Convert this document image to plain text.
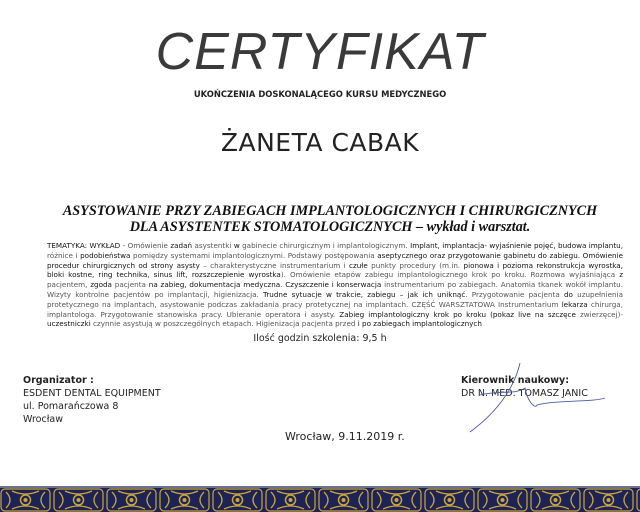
CERTYFIKAT
UKOŃCZENIA DOSKONALĄCEGO KURSU MEDYCZNEGO
ŻANETA CABAK
ASYSTOWANIE PRZY ZABIEGACH IMPLANTOLOGICZNYCH I CHIRURGICZNYCH
DLA ASYSTENTEK STOMATOLOGICZNYCH – wykład i warsztat.
TEMATYKA: WYKŁAD - Omówienie zadań asystentki w gabinecie chirurgicznym i implantologicznym. Implant, implantacja- wyjaśnienie pojęć, budowa implantu, różnice i podobieństwa pomiędzy systemami implantologicznymi. Podstawy postępowania aseptycznego oraz przygotowanie gabinetu do zabiegu. Omówienie procedur chirurgicznych od strony asysty – charakterystyczne instrumentarium i czułe punkty procedury (m.in. pionowa i pozioma rekonstrukcja wyrostka, bloki kostne, ring technika, sinus lift, rozszczepienie wyrostka). Omówienie etapów zabiegu implantologicznego krok po kroku. Rozmowa wyjaśniająca z pacjentem, zgoda pacjenta na zabieg, dokumentacja medyczna. Czyszczenie i konserwacja instrumentarium po zabiegach. Anatomia tkanek wokół implantu. Wizyty kontrolne pacjentów po implantacji, higienizacja. Trudne sytuacje w trakcie, zabiegu – jak ich uniknąć. Przygotowanie pacjenta do uzupełnienia protetycznego na implantach, asystowanie podczas zakładania pracy protetycznej na implantach. CZĘŚĆ WARSZTATOWA Instrumentarium lekarza chirurga, implantologa. Przygotowanie stanowiska pracy. Ubieranie operatora i asysty. Zabieg implantologiczny krok po kroku (pokaz live na szczęce zwierzęcej)- uczestniczki czynnie asystują w poszczególnych etapach. Higienizacja pacjenta przed i po zabiegach implantologicznych
Ilość godzin szkolenia: 9,5 h
Organizator :
ESDENT DENTAL EQUIPMENT
ul. Pomarańczowa 8
Wrocław
Kierownik naukowy:
DR N. MED. TOMASZ JANIC
Wrocław, 9.11.2019 r.
